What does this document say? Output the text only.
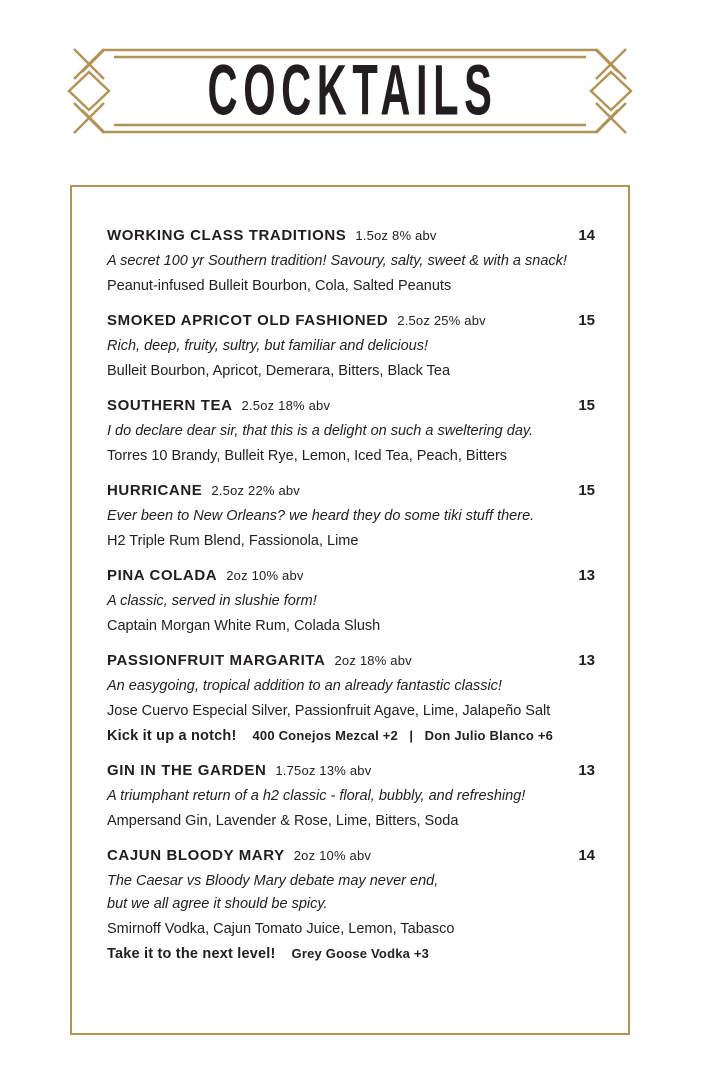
COCKTAILS
WORKING CLASS TRADITIONS 1.5oz 8% abv	14

A secret 100 yr Southern tradition! Savoury, salty, sweet & with a snack!

Peanut-infused Bulleit Bourbon, Cola, Salted Peanuts

SMOKED APRICOT OLD FASHIONED 2.5oz 25% abv	15

Rich, deep, fruity, sultry, but familiar and delicious!

Bulleit Bourbon, Apricot, Demerara, Bitters, Black Tea

SOUTHERN TEA 2.5oz 18% abv	15

I do declare dear sir, that this is a delight on such a sweltering day.

Torres 10 Brandy, Bulleit Rye, Lemon, Iced Tea, Peach, Bitters

HURRICANE 2.5oz 22% abv	15

Ever been to New Orleans? we heard they do some tiki stuff there.

H2 Triple Rum Blend, Fassionola, Lime

PINA COLADA 2oz 10% abv	13

A classic, served in slushie form!

Captain Morgan White Rum, Colada Slush

PASSIONFRUIT MARGARITA 2oz 18% abv	13

An easygoing, tropical addition to an already fantastic classic!

Jose Cuervo Especial Silver, Passionfruit Agave, Lime, Jalapeño Salt

Kick it up a notch! 400 Conejos Mezcal +2   |   Don Julio Blanco +6

GIN IN THE GARDEN 1.75oz 13% abv	13

A triumphant return of a h2 classic - floral, bubbly, and refreshing!

Ampersand Gin, Lavender & Rose, Lime, Bitters, Soda

CAJUN BLOODY MARY 2oz 10% abv	14

The Caesar vs Bloody Mary debate may never end,

but we all agree it should be spicy.

Smirnoff Vodka, Cajun Tomato Juice, Lemon, Tabasco

Take it to the next level! Grey Goose Vodka +3
